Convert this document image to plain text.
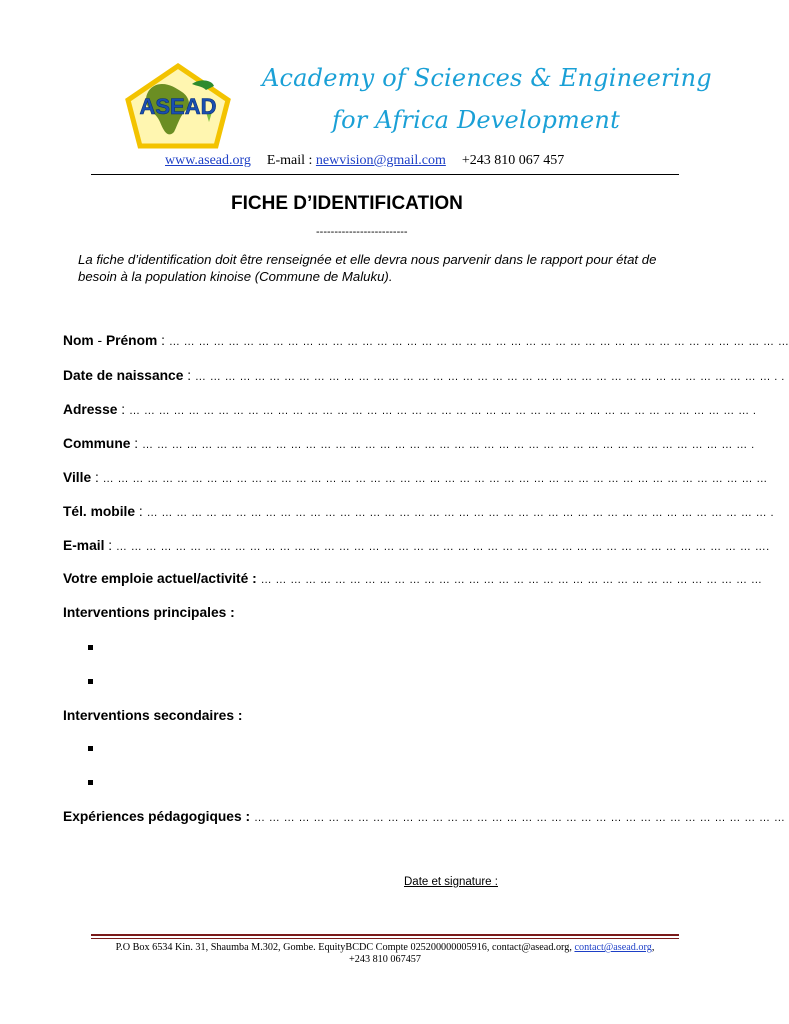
ASEAD
Academy of Sciences & Engineering
for Africa Development
www.asead.org E-mail : newvision@gmail.com +243 810 067 457
FICHE D’IDENTIFICATION
-------------------------
La fiche d’identification doit être renseignée et elle devra nous parvenir dans le rapport pour état de besoin à la population kinoise (Commune de Maluku).
Nom - Prénom : … … … … … … … … … … … … … … … … … … … … … … … … … … … … … … … … … … … … … … … … … …
Date de naissance : … … … … … … … … … … … … … … … … … … … … … … … … … … … … … … … … … … … … … … … . .
Adresse : … … … … … … … … … … … … … … … … … … … … … … … … … … … … … … … … … … … … … … … … … … .
Commune : … … … … … … … … … … … … … … … … … … … … … … … … … … … … … … … … … … … … … … … … … .
Ville : … … … … … … … … … … … … … … … … … … … … … … … … … … … … … … … … … … … … … … … … … … … … …
Tél. mobile : … … … … … … … … … … … … … … … … … … … … … … … … … … … … … … … … … … … … … … … … … … .
E-mail : … … … … … … … … … … … … … … … … … … … … … … … … … … … … … … … … … … … … … … … … … … … ….
Votre emploie actuel/activité : … … … … … … … … … … … … … … … … … … … … … … … … … … … … … … … … … …
Interventions principales :
Interventions secondaires :
Expériences pédagogiques : … … … … … … … … … … … … … … … … … … … … … … … … … … … … … … … … … … … …
Date et signature :
P.O Box 6534 Kin. 31, Shaumba M.302, Gombe. EquityBCDC Compte 025200000005916, contact@asead.org, contact@asead.org,
+243 810 067457
